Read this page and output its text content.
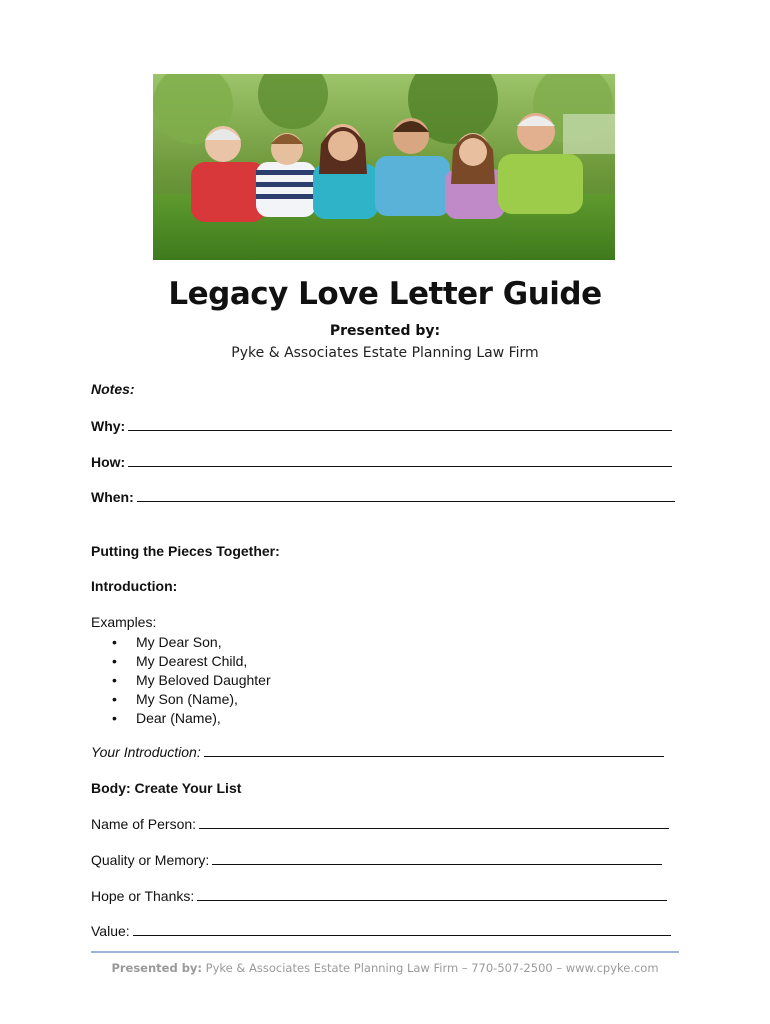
Legacy Love Letter Guide
Presented by:
Pyke & Associates Estate Planning Law Firm
Notes:
Why:
How:
When:
Putting the Pieces Together:
Introduction:
Examples:
• My Dear Son,
• My Dearest Child,
• My Beloved Daughter
• My Son (Name),
• Dear (Name),
Your Introduction:
Body: Create Your List
Name of Person:
Quality or Memory:
Hope or Thanks:
Value:
Presented by: Pyke & Associates Estate Planning Law Firm – 770-507-2500 – www.cpyke.com
